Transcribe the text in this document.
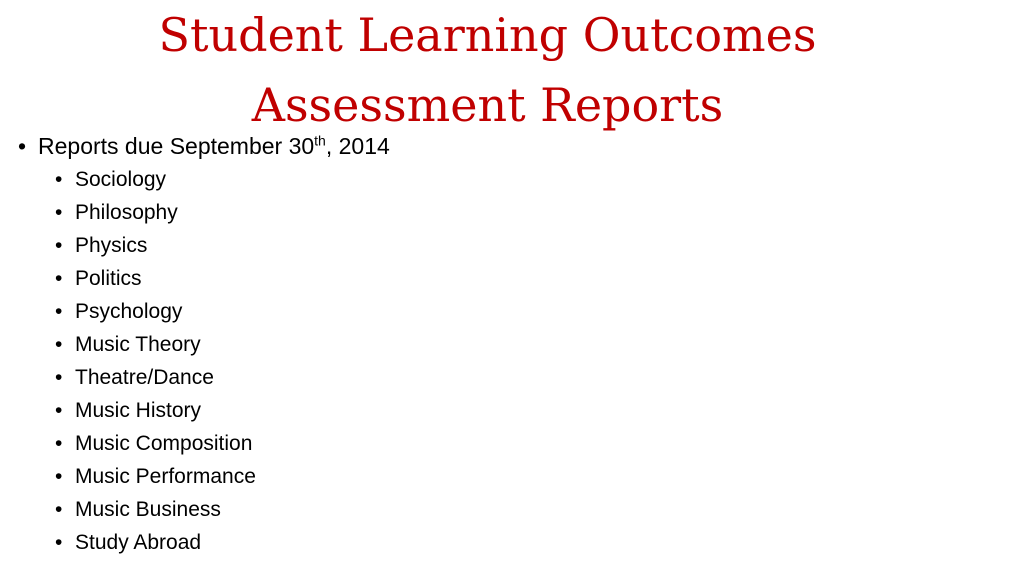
Student Learning Outcomes
Assessment Reports
• Reports due September 30th, 2014
• Sociology
• Philosophy
• Physics
• Politics
• Psychology
• Music Theory
• Theatre/Dance
• Music History
• Music Composition
• Music Performance
• Music Business
• Study Abroad
